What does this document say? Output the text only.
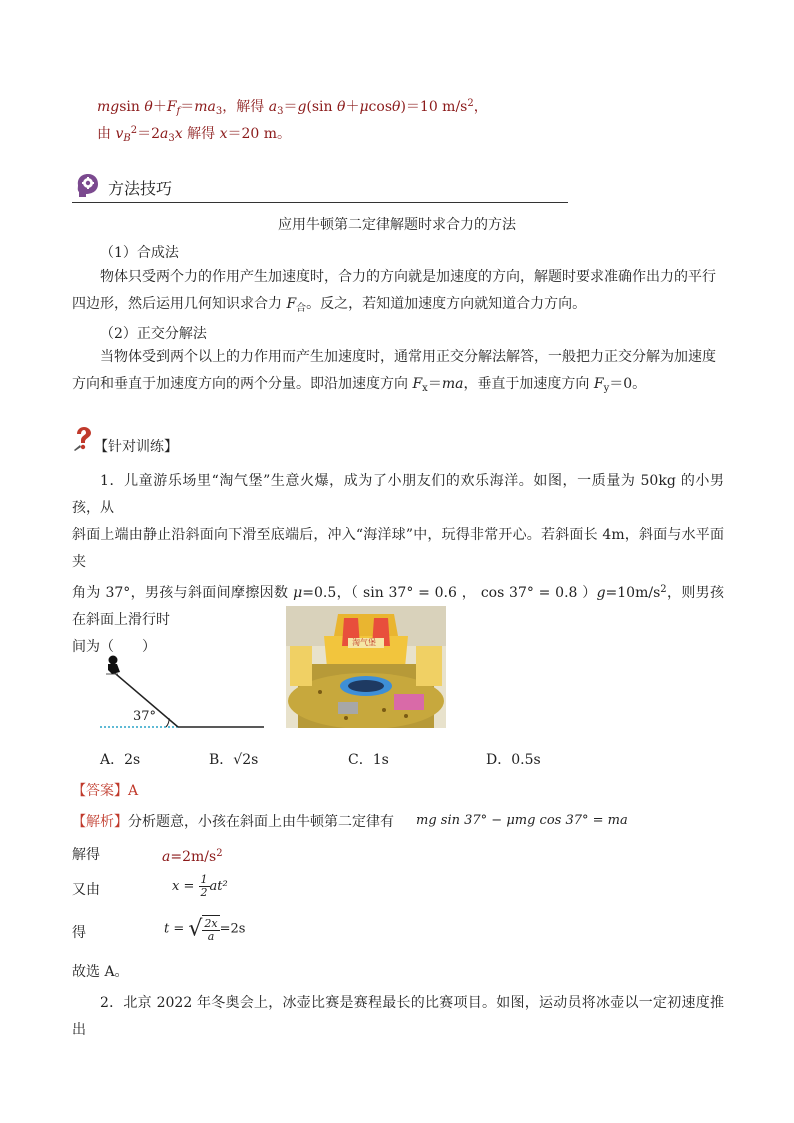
mgsin $\theta+F_f=ma_3$，解得 $a_3=g(\sin$ θ＋μcosθ)＝10 $m/s^2$，
由 $v_B^2=2a_3x$ 解得 x＝20 m。
方法技巧
应用牛顿第二定律解题时求合力的方法
（1）合成法
物体只受两个力的作用产生加速度时，合力的方向就是加速度的方向，解题时要求准确作出力的平行
四边形，然后运用几何知识求合力 $F_合$。反之，若知道加速度方向就知道合力方向。
（2）正交分解法
当物体受到两个以上的力作用而产生加速度时，通常用正交分解法解答，一般把力正交分解为加速度
方向和垂直于加速度方向的两个分量。即沿加速度方向 $F_x=ma$，垂直于加速度方向 $F_y=0$。
【针对训练】
1．儿童游乐场里“淘气堡”生意火爆，成为了小朋友们的欢乐海洋。如图，一质量为 50kg 的小男孩，从
斜面上端由静止沿斜面向下滑至底端后，冲入“海洋球”中，玩得非常开心。若斜面长 4m，斜面与水平面夹
角为 37°，男孩与斜面间摩擦因数 μ=0.5，（ sin 37° = 0.6 ， cos 37° = 0.8 ）$g=10m/s^2$，则男孩在斜面上滑行时
间为（　　）
37°
淘气堡
A．2s	B．√2s	C．1s	D．0.5s
【答案】A
【解析】分析题意，小孩在斜面上由牛顿第二定律有 mg sin 37° − μmg cos 37° = ma
解得	$a=2m/s^2$
又由	$x = \frac{1}{2} at^2$
得	t = √ $\frac{2x}{a} =2s$
故选 A。
2．北京 2022 年冬奥会上，冰壶比赛是赛程最长的比赛项目。如图，运动员将冰壶以一定初速度推出
